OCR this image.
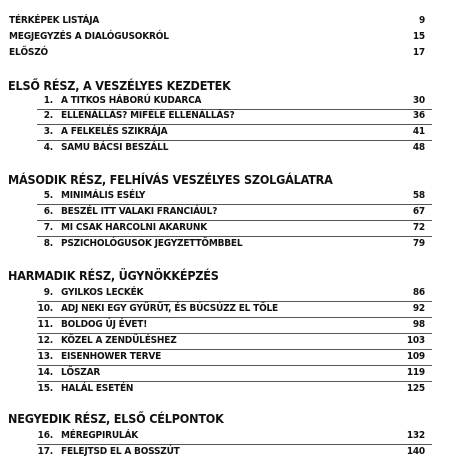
TÉRKÉPEK LISTÁJA	9
MEGJEGYZÉS A DIALÓGUSOKRÓL	15
ELŐSZÓ	17
ELSŐ RÉSZ, A VESZÉLYES KEZDETEK
1. A TITKOS HÁBORÚ KUDARCA	30
2. ELLENÁLLÁS? MIFÉLE ELLENÁLLÁS?	36
3. A FELKELÉS SZIKRÁJA	41
4. SAMU BÁCSI BESZÁLL	48
MÁSODIK RÉSZ, FELHÍVÁS VESZÉLYES SZOLGÁLATRA
5. MINIMÁLIS ESÉLY	58
6. BESZÉL ITT VALAKI FRANCIÁUL?	67
7. MI CSAK HARCOLNI AKARUNK	72
8. PSZICHOLÓGUSOK JEGYZETTÖMBBEL	79
HARMADIK RÉSZ, ÜGYNÖKKÉPZÉS
9. GYILKOS LECKÉK	86
10. ADJ NEKI EGY GYŰRŰT, ÉS BÚCSÚZZ EL TŐLE	92
11. BOLDOG ÚJ ÉVET!	98
12. KÖZEL A ZENDÜLÉSHEZ	103
13. EISENHOWER TERVE	109
14. LŐSZAR	119
15. HALÁL ESETÉN	125
NEGYEDIK RÉSZ, ELSŐ CÉLPONTOK
16. MÉREGPIRULÁK	132
17. FELEJTSD EL A BOSSZÚT	140
